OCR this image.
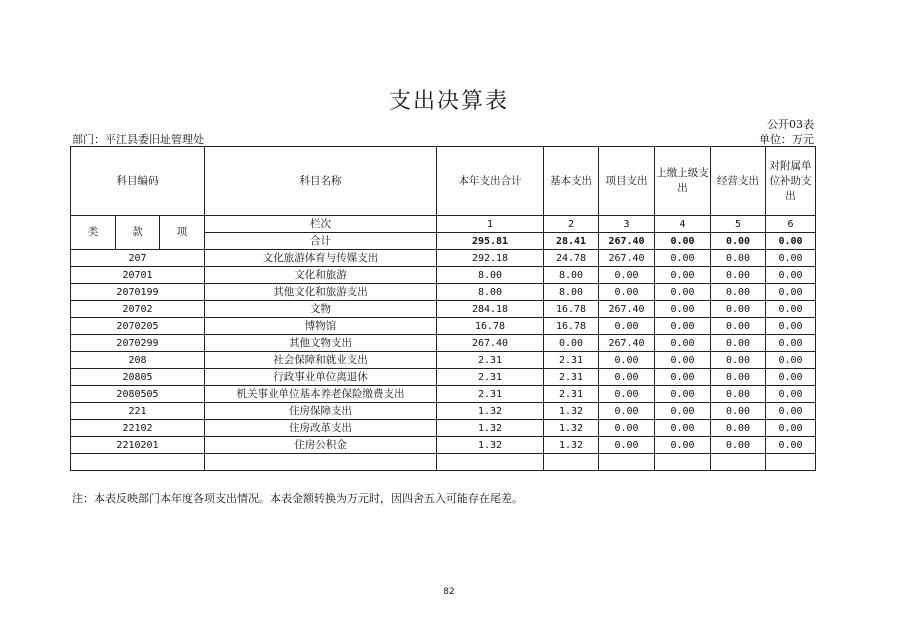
支出决算表
公开03表
部门：平江县委旧址管理处	单位：万元
科目编码			科目名称	本年支出合计	基本支出	项目支出	上缴上级支出	经营支出	对附属单位补助支出
类	款	项	栏次	1	2	3	4	5	6
			合计	295.81	28.41	267.40	0.00	0.00	0.00
207			文化旅游体育与传媒支出	292.18	24.78	267.40	0.00	0.00	0.00
20701			文化和旅游	8.00	8.00	0.00	0.00	0.00	0.00
2070199			其他文化和旅游支出	8.00	8.00	0.00	0.00	0.00	0.00
20702			文物	284.18	16.78	267.40	0.00	0.00	0.00
2070205			博物馆	16.78	16.78	0.00	0.00	0.00	0.00
2070299			其他文物支出	267.40	0.00	267.40	0.00	0.00	0.00
208			社会保障和就业支出	2.31	2.31	0.00	0.00	0.00	0.00
20805			行政事业单位离退休	2.31	2.31	0.00	0.00	0.00	0.00
2080505			机关事业单位基本养老保险缴费支出	2.31	2.31	0.00	0.00	0.00	0.00
221			住房保障支出	1.32	1.32	0.00	0.00	0.00	0.00
22102			住房改革支出	1.32	1.32	0.00	0.00	0.00	0.00
2210201			住房公积金	1.32	1.32	0.00	0.00	0.00	0.00

注：本表反映部门本年度各项支出情况。本表金额转换为万元时，因四舍五入可能存在尾差。
82
